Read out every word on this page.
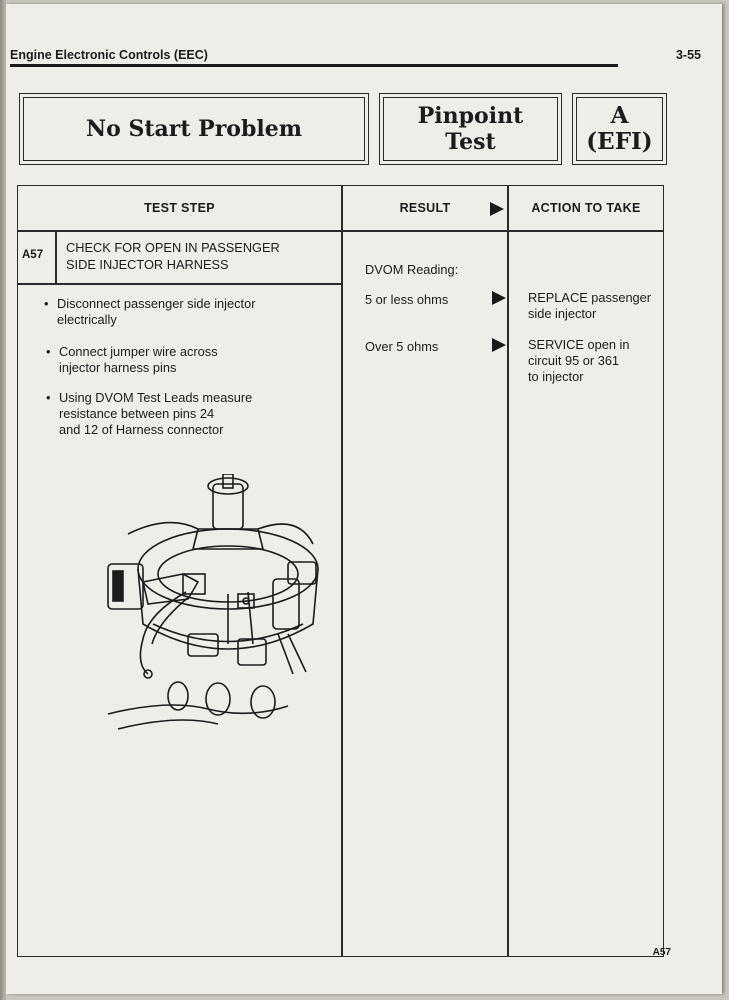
Engine Electronic Controls (EEC)	3-55
No Start Problem	Pinpoint
Test
A
(EFI)
TEST STEP	RESULT	ACTION TO TAKE
A57 CHECK FOR OPEN IN PASSENGER
SIDE INJECTOR HARNESS
• Disconnect passenger side injector
electrically
• Connect jumper wire across
injector harness pins
• Using DVOM Test Leads measure
resistance between pins 24
and 12 of Harness connector
DVOM Reading:
5 or less ohms	REPLACE passenger
side injector
Over 5 ohms	SERVICE open in
circuit 95 or 361
to injector
A57
